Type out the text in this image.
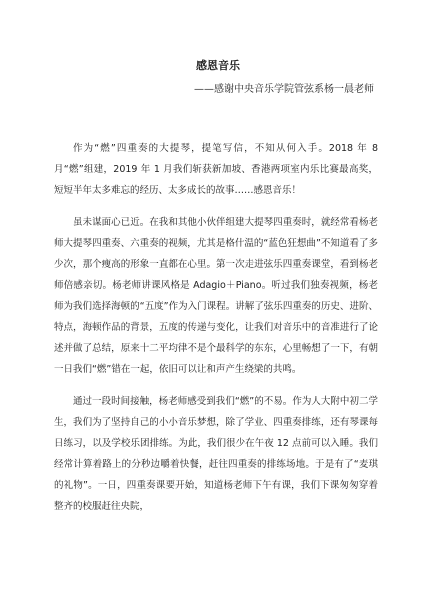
感恩音乐

——感谢中央音乐学院管弦系杨一晨老师

作为“燃”四重奏的大提琴，提笔写信，不知从何入手。2018 年 8 月“燃”组建，2019 年 1 月我们斩获新加坡、香港两项室内乐比赛最高奖，短短半年太多难忘的经历、太多成长的故事……感恩音乐！

虽未谋面心已近。在我和其他小伙伴组建大提琴四重奏时，就经常看杨老师大提琴四重奏、六重奏的视频，尤其是格什温的“蓝色狂想曲”不知道看了多少次，那个瘦高的形象一直都在心里。第一次走进弦乐四重奏课堂，看到杨老师倍感亲切。杨老师讲课风格是 Adagio＋Piano。听过我们独奏视频，杨老师为我们选择海顿的“五度”作为入门课程。讲解了弦乐四重奏的历史、进阶、特点，海顿作品的背景，五度的传递与变化，让我们对音乐中的音准进行了论述并做了总结，原来十二平均律不是个最科学的东东，心里畅想了一下，有朝一日我们“燃”错在一起，依旧可以让和声产生绕梁的共鸣。

通过一段时间接触，杨老师感受到我们“燃”的不易。作为人大附中初二学生，我们为了坚持自己的小小音乐梦想，除了学业、四重奏排练，还有琴课每日练习，以及学校乐团排练。为此，我们很少在午夜 12 点前可以入睡。我们经常计算着路上的分秒边嚼着快餐，赶往四重奏的排练场地。于是有了“麦琪的礼物”。一日，四重奏课要开始，知道杨老师下午有课，我们下课匆匆穿着整齐的校服赶往央院，
